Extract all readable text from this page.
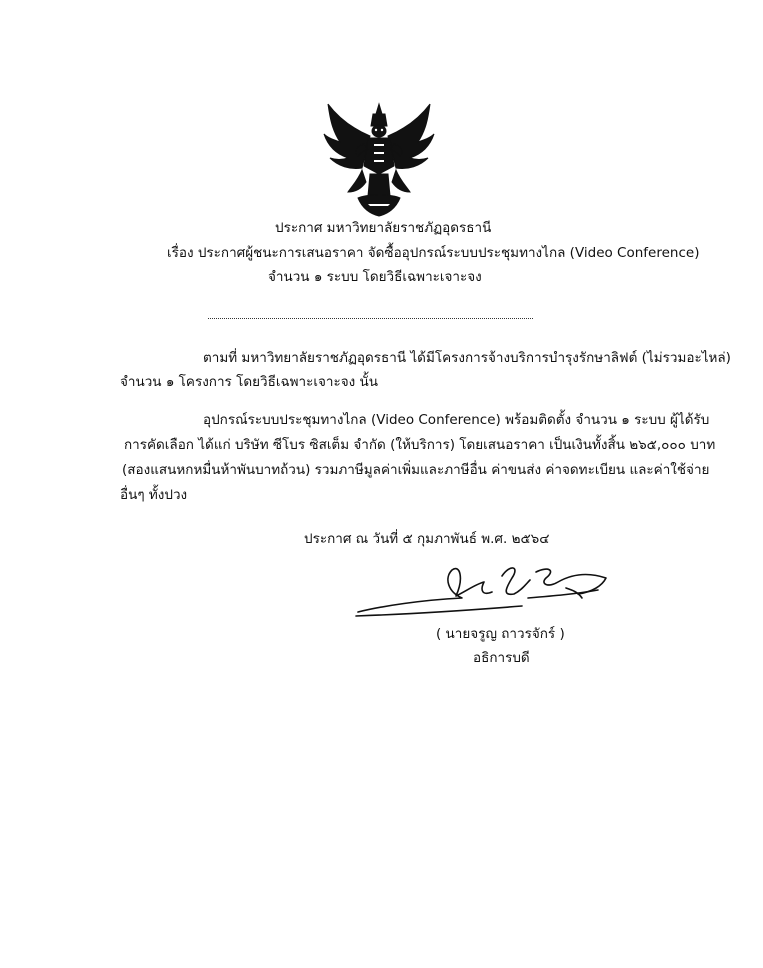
ประกาศ มหาวิทยาลัยราชภัฏอุดรธานี
เรื่อง ประกาศผู้ชนะการเสนอราคา จัดซื้ออุปกรณ์ระบบประชุมทางไกล (Video Conference)
จำนวน ๑ ระบบ โดยวิธีเฉพาะเจาะจง
ตามที่ มหาวิทยาลัยราชภัฏอุดรธานี ได้มีโครงการจ้างบริการบำรุงรักษาลิฟต์ (ไม่รวมอะไหล่)
จำนวน ๑ โครงการ โดยวิธีเฉพาะเจาะจง นั้น
อุปกรณ์ระบบประชุมทางไกล (Video Conference) พร้อมติดตั้ง จำนวน ๑ ระบบ ผู้ได้รับ
การคัดเลือก ได้แก่ บริษัท ซีโบร ซิสเต็ม จำกัด (ให้บริการ) โดยเสนอราคา เป็นเงินทั้งสิ้น ๒๖๕,๐๐๐ บาท
(สองแสนหกหมื่นห้าพันบาทถ้วน) รวมภาษีมูลค่าเพิ่มและภาษีอื่น ค่าขนส่ง ค่าจดทะเบียน และค่าใช้จ่าย
อื่นๆ ทั้งปวง
ประกาศ ณ วันที่ ๕ กุมภาพันธ์ พ.ศ. ๒๕๖๔
( นายจรูญ ถาวรจักร์ )
อธิการบดี
